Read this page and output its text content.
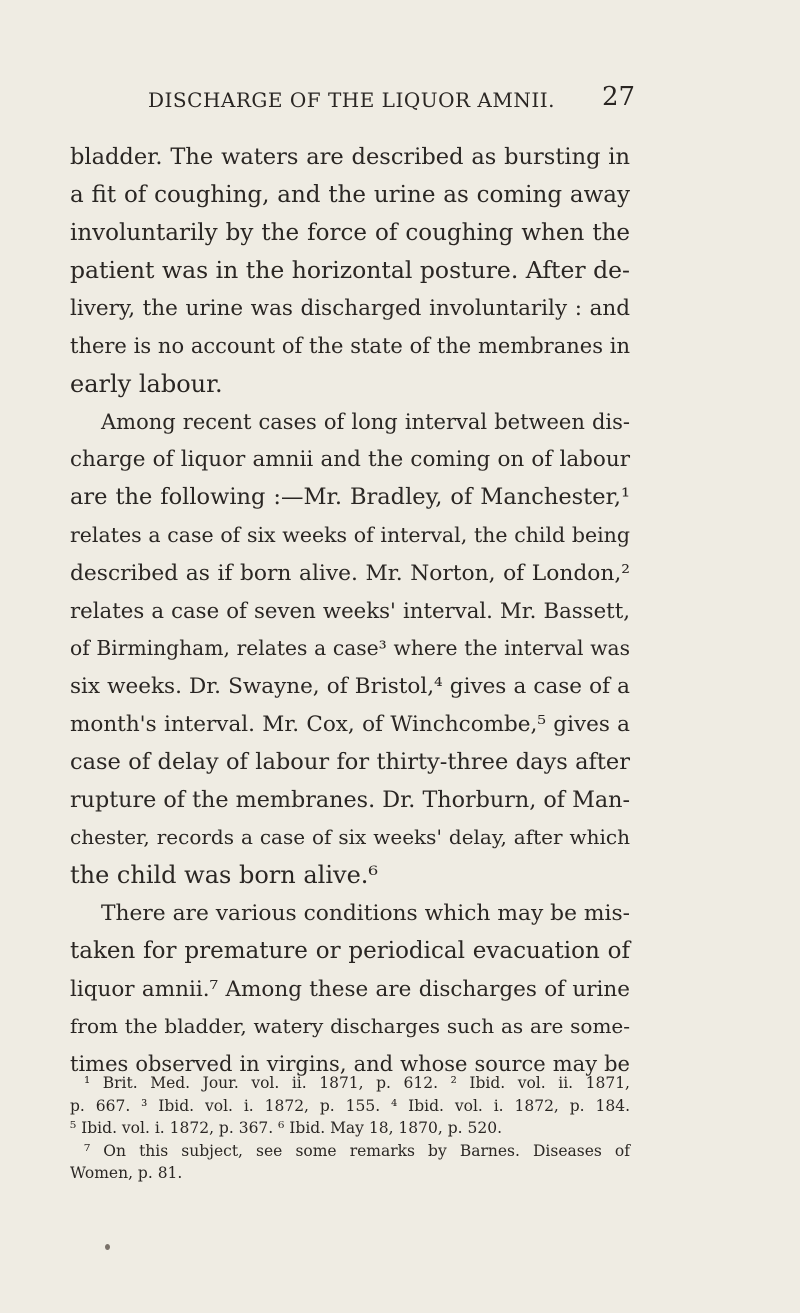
DISCHARGE OF THE LIQUOR AMNII.	27
bladder. The waters are described as bursting in
a fit of coughing, and the urine as coming away
involuntarily by the force of coughing when the
patient was in the horizontal posture. After de-
livery, the urine was discharged involuntarily : and
there is no account of the state of the membranes in
early labour.
Among recent cases of long interval between dis-
charge of liquor amnii and the coming on of labour
are the following :—Mr. Bradley, of Manchester,¹
relates a case of six weeks of interval, the child being
described as if born alive. Mr. Norton, of London,²
relates a case of seven weeks' interval. Mr. Bassett,
of Birmingham, relates a case³ where the interval was
six weeks. Dr. Swayne, of Bristol,⁴ gives a case of a
month's interval. Mr. Cox, of Winchcombe,⁵ gives a
case of delay of labour for thirty-three days after
rupture of the membranes. Dr. Thorburn, of Man-
chester, records a case of six weeks' delay, after which
the child was born alive.⁶
There are various conditions which may be mis-
taken for premature or periodical evacuation of
liquor amnii.⁷ Among these are discharges of urine
from the bladder, watery discharges such as are some-
times observed in virgins, and whose source may be
¹ Brit. Med. Jour. vol. ii. 1871, p. 612. ² Ibid. vol. ii. 1871,
p. 667. ³ Ibid. vol. i. 1872, p. 155. ⁴ Ibid. vol. i. 1872, p. 184.
⁵ Ibid. vol. i. 1872, p. 367. ⁶ Ibid. May 18, 1870, p. 520.
⁷ On this subject, see some remarks by Barnes. Diseases of
Women, p. 81.
